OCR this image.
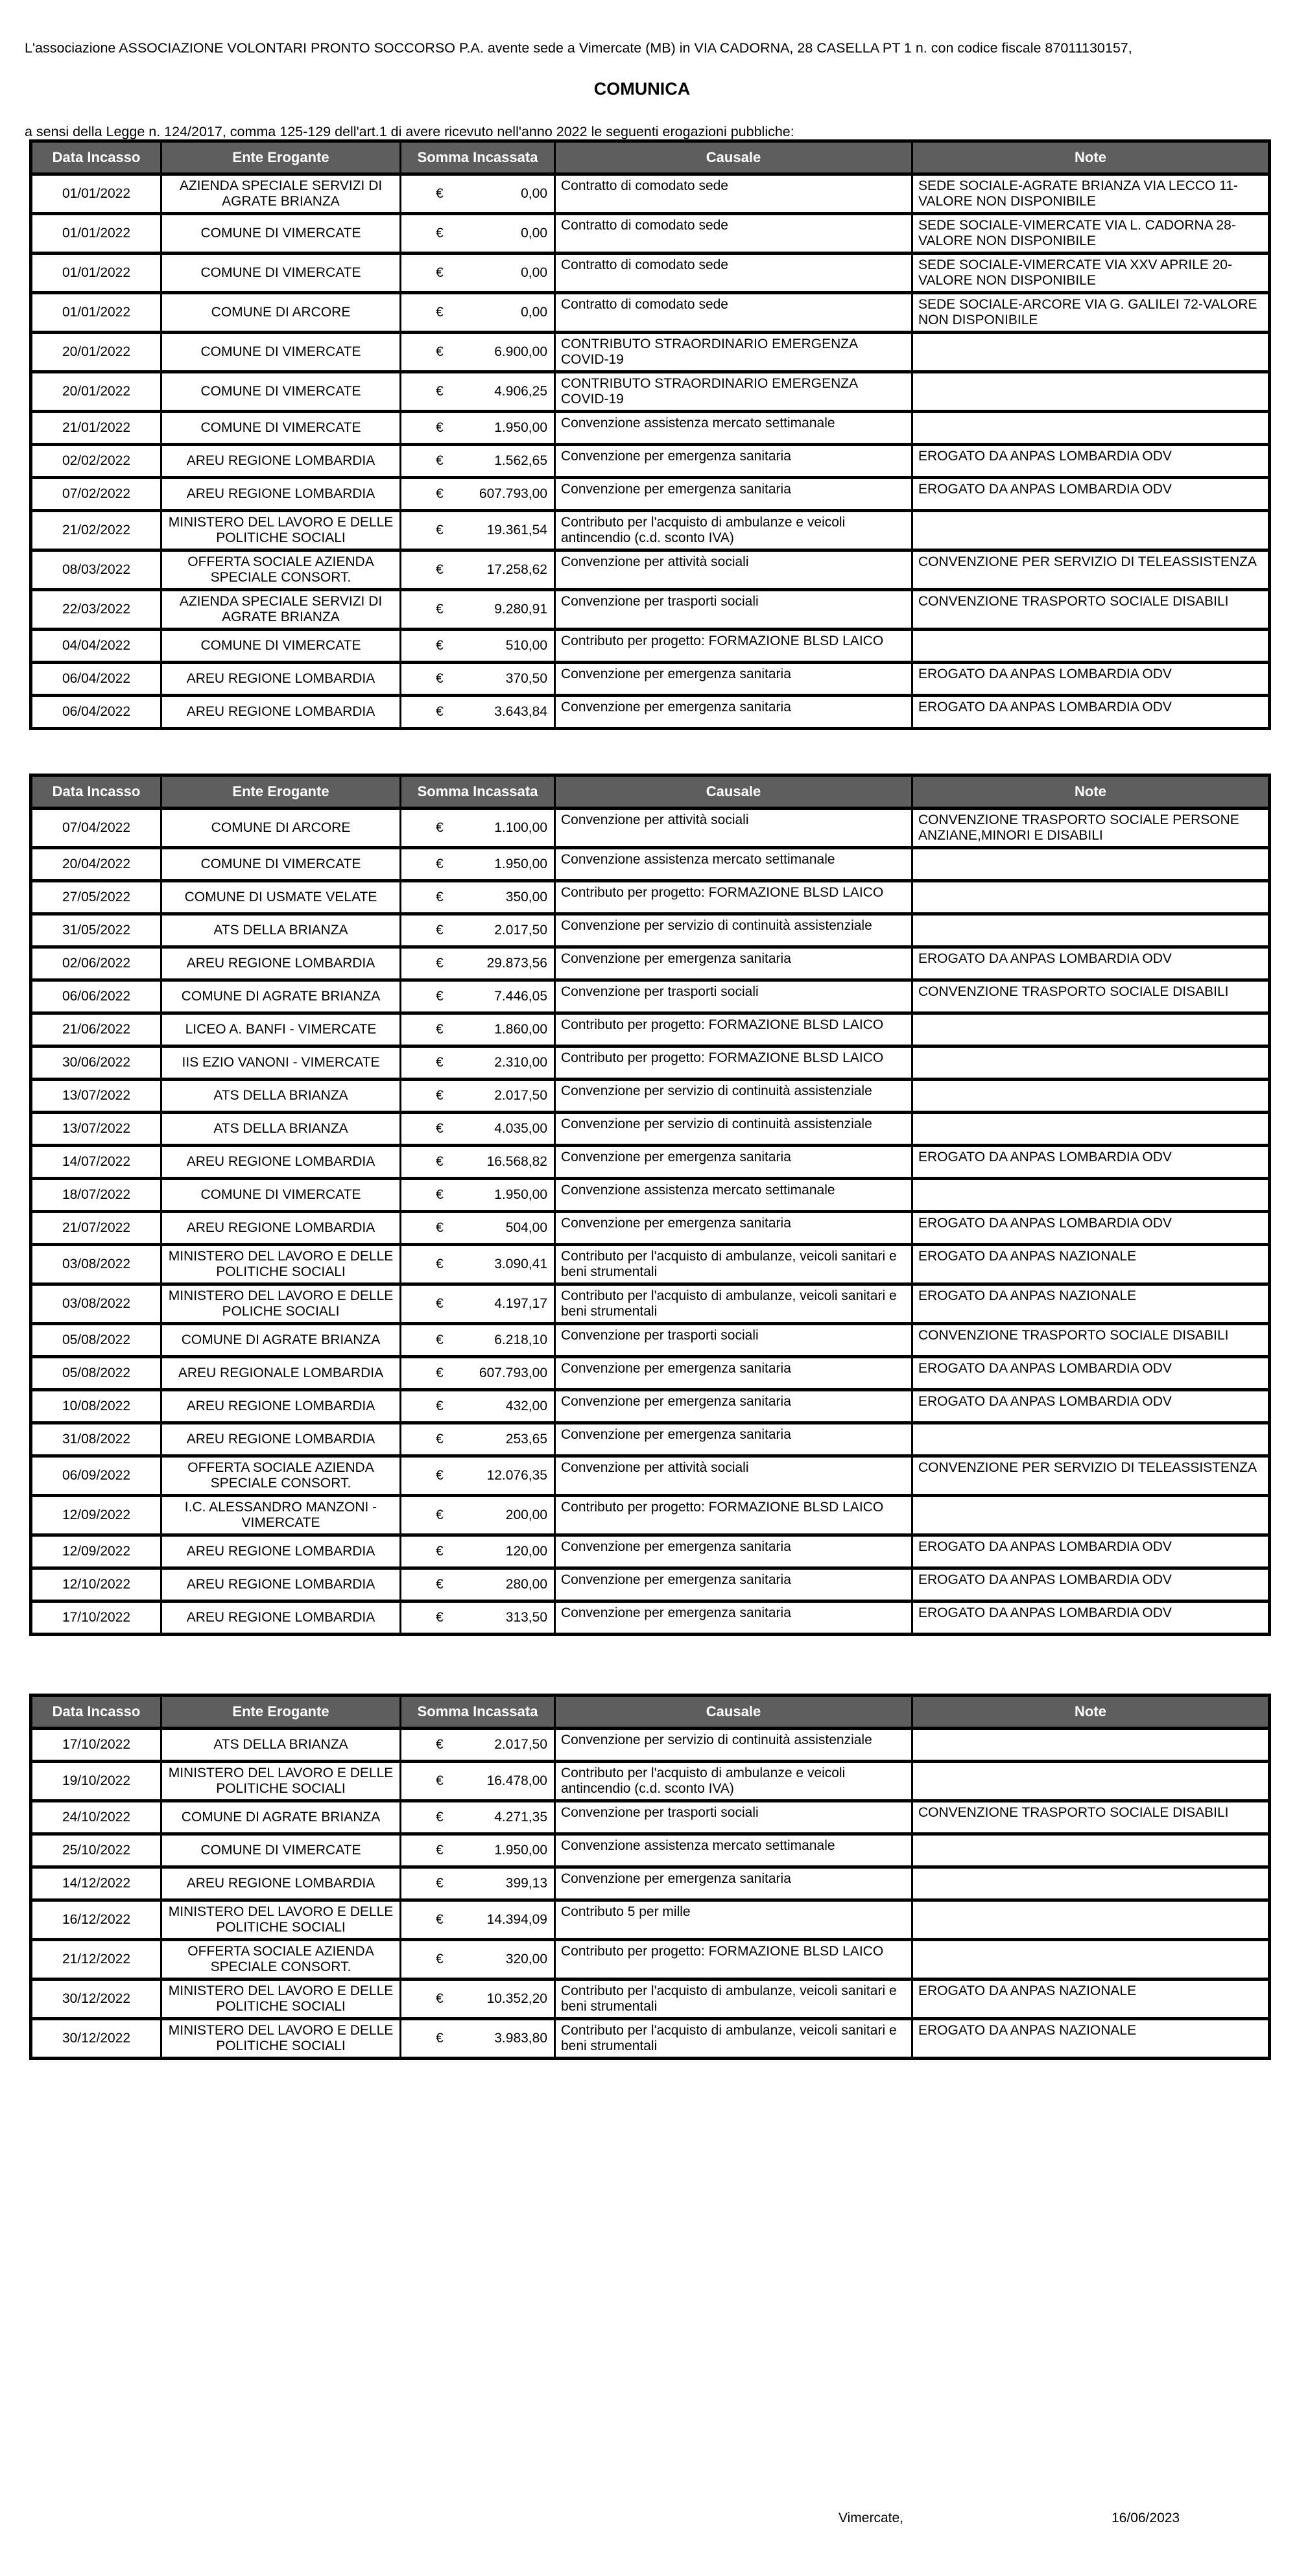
L'associazione ASSOCIAZIONE VOLONTARI PRONTO SOCCORSO P.A. avente sede a Vimercate (MB) in VIA CADORNA, 28 CASELLA PT 1 n. con codice fiscale 87011130157,

COMUNICA

a sensi della Legge n. 124/2017, comma 125-129 dell'art.1 di avere ricevuto nell'anno 2022 le seguenti erogazioni pubbliche:

Data Incasso	Ente Erogante	Somma Incassata	Causale	Note
01/01/2022	AZIENDA SPECIALE SERVIZI DI AGRATE BRIANZA	€ 0,00	Contratto di comodato sede	SEDE SOCIALE-AGRATE BRIANZA VIA LECCO 11-VALORE NON DISPONIBILE
01/01/2022	COMUNE DI VIMERCATE	€ 0,00	Contratto di comodato sede	SEDE SOCIALE-VIMERCATE VIA L. CADORNA 28-VALORE NON DISPONIBILE
01/01/2022	COMUNE DI VIMERCATE	€ 0,00	Contratto di comodato sede	SEDE SOCIALE-VIMERCATE VIA XXV APRILE 20-VALORE NON DISPONIBILE
01/01/2022	COMUNE DI ARCORE	€ 0,00	Contratto di comodato sede	SEDE SOCIALE-ARCORE VIA G. GALILEI 72-VALORE NON DISPONIBILE
20/01/2022	COMUNE DI VIMERCATE	€ 6.900,00	CONTRIBUTO STRAORDINARIO EMERGENZA COVID-19	
20/01/2022	COMUNE DI VIMERCATE	€ 4.906,25	CONTRIBUTO STRAORDINARIO EMERGENZA COVID-19	
21/01/2022	COMUNE DI VIMERCATE	€ 1.950,00	Convenzione assistenza mercato settimanale	
02/02/2022	AREU REGIONE LOMBARDIA	€ 1.562,65	Convenzione per emergenza sanitaria	EROGATO DA ANPAS LOMBARDIA ODV
07/02/2022	AREU REGIONE LOMBARDIA	€ 607.793,00	Convenzione per emergenza sanitaria	EROGATO DA ANPAS LOMBARDIA ODV
21/02/2022	MINISTERO DEL LAVORO E DELLE POLITICHE SOCIALI	€ 19.361,54	Contributo per l'acquisto di ambulanze e veicoli antincendio (c.d. sconto IVA)	
08/03/2022	OFFERTA SOCIALE AZIENDA SPECIALE CONSORT.	€ 17.258,62	Convenzione per attività sociali	CONVENZIONE PER SERVIZIO DI TELEASSISTENZA
22/03/2022	AZIENDA SPECIALE SERVIZI DI AGRATE BRIANZA	€ 9.280,91	Convenzione per trasporti sociali	CONVENZIONE TRASPORTO SOCIALE DISABILI
04/04/2022	COMUNE DI VIMERCATE	€ 510,00	Contributo per progetto: FORMAZIONE BLSD LAICO	
06/04/2022	AREU REGIONE LOMBARDIA	€ 370,50	Convenzione per emergenza sanitaria	EROGATO DA ANPAS LOMBARDIA ODV
06/04/2022	AREU REGIONE LOMBARDIA	€ 3.643,84	Convenzione per emergenza sanitaria	EROGATO DA ANPAS LOMBARDIA ODV
Data Incasso	Ente Erogante	Somma Incassata	Causale	Note
07/04/2022	COMUNE DI ARCORE	€ 1.100,00	Convenzione per attività sociali	CONVENZIONE TRASPORTO SOCIALE PERSONE ANZIANE,MINORI E DISABILI
20/04/2022	COMUNE DI VIMERCATE	€ 1.950,00	Convenzione assistenza mercato settimanale	
27/05/2022	COMUNE DI USMATE VELATE	€ 350,00	Contributo per progetto: FORMAZIONE BLSD LAICO	
31/05/2022	ATS DELLA BRIANZA	€ 2.017,50	Convenzione per servizio di continuità assistenziale	
02/06/2022	AREU REGIONE LOMBARDIA	€ 29.873,56	Convenzione per emergenza sanitaria	EROGATO DA ANPAS LOMBARDIA ODV
06/06/2022	COMUNE DI AGRATE BRIANZA	€ 7.446,05	Convenzione per trasporti sociali	CONVENZIONE TRASPORTO SOCIALE DISABILI
21/06/2022	LICEO A. BANFI - VIMERCATE	€ 1.860,00	Contributo per progetto: FORMAZIONE BLSD LAICO	
30/06/2022	IIS EZIO VANONI - VIMERCATE	€ 2.310,00	Contributo per progetto: FORMAZIONE BLSD LAICO	
13/07/2022	ATS DELLA BRIANZA	€ 2.017,50	Convenzione per servizio di continuità assistenziale	
13/07/2022	ATS DELLA BRIANZA	€ 4.035,00	Convenzione per servizio di continuità assistenziale	
14/07/2022	AREU REGIONE LOMBARDIA	€ 16.568,82	Convenzione per emergenza sanitaria	EROGATO DA ANPAS LOMBARDIA ODV
18/07/2022	COMUNE DI VIMERCATE	€ 1.950,00	Convenzione assistenza mercato settimanale	
21/07/2022	AREU REGIONE LOMBARDIA	€ 504,00	Convenzione per emergenza sanitaria	EROGATO DA ANPAS LOMBARDIA ODV
03/08/2022	MINISTERO DEL LAVORO E DELLE POLITICHE SOCIALI	€ 3.090,41	Contributo per l'acquisto di ambulanze, veicoli sanitari e beni strumentali	EROGATO DA ANPAS NAZIONALE
03/08/2022	MINISTERO DEL LAVORO E DELLE POLICHE SOCIALI	€ 4.197,17	Contributo per l'acquisto di ambulanze, veicoli sanitari e beni strumentali	EROGATO DA ANPAS NAZIONALE
05/08/2022	COMUNE DI AGRATE BRIANZA	€ 6.218,10	Convenzione per trasporti sociali	CONVENZIONE TRASPORTO SOCIALE DISABILI
05/08/2022	AREU REGIONALE LOMBARDIA	€ 607.793,00	Convenzione per emergenza sanitaria	EROGATO DA ANPAS LOMBARDIA ODV
10/08/2022	AREU REGIONE LOMBARDIA	€ 432,00	Convenzione per emergenza sanitaria	EROGATO DA ANPAS LOMBARDIA ODV
31/08/2022	AREU REGIONE LOMBARDIA	€ 253,65	Convenzione per emergenza sanitaria	
06/09/2022	OFFERTA SOCIALE AZIENDA SPECIALE CONSORT.	€ 12.076,35	Convenzione per attività sociali	CONVENZIONE PER SERVIZIO DI TELEASSISTENZA
12/09/2022	I.C. ALESSANDRO MANZONI - VIMERCATE	€ 200,00	Contributo per progetto: FORMAZIONE BLSD LAICO	
12/09/2022	AREU REGIONE LOMBARDIA	€ 120,00	Convenzione per emergenza sanitaria	EROGATO DA ANPAS LOMBARDIA ODV
12/10/2022	AREU REGIONE LOMBARDIA	€ 280,00	Convenzione per emergenza sanitaria	EROGATO DA ANPAS LOMBARDIA ODV
17/10/2022	AREU REGIONE LOMBARDIA	€ 313,50	Convenzione per emergenza sanitaria	EROGATO DA ANPAS LOMBARDIA ODV
Data Incasso	Ente Erogante	Somma Incassata	Causale	Note
17/10/2022	ATS DELLA BRIANZA	€ 2.017,50	Convenzione per servizio di continuità assistenziale	
19/10/2022	MINISTERO DEL LAVORO E DELLE POLITICHE SOCIALI	€ 16.478,00	Contributo per l'acquisto di ambulanze e veicoli antincendio (c.d. sconto IVA)	
24/10/2022	COMUNE DI AGRATE BRIANZA	€ 4.271,35	Convenzione per trasporti sociali	CONVENZIONE TRASPORTO SOCIALE DISABILI
25/10/2022	COMUNE DI VIMERCATE	€ 1.950,00	Convenzione assistenza mercato settimanale	
14/12/2022	AREU REGIONE LOMBARDIA	€ 399,13	Convenzione per emergenza sanitaria	
16/12/2022	MINISTERO DEL LAVORO E DELLE POLITICHE SOCIALI	€ 14.394,09	Contributo 5 per mille	
21/12/2022	OFFERTA SOCIALE AZIENDA SPECIALE CONSORT.	€ 320,00	Contributo per progetto: FORMAZIONE BLSD LAICO	
30/12/2022	MINISTERO DEL LAVORO E DELLE POLITICHE SOCIALI	€ 10.352,20	Contributo per l'acquisto di ambulanze, veicoli sanitari e beni strumentali	EROGATO DA ANPAS NAZIONALE
30/12/2022	MINISTERO DEL LAVORO E DELLE POLITICHE SOCIALI	€ 3.983,80	Contributo per l'acquisto di ambulanze, veicoli sanitari e beni strumentali	EROGATO DA ANPAS NAZIONALE
Vimercate,	16/06/2023
